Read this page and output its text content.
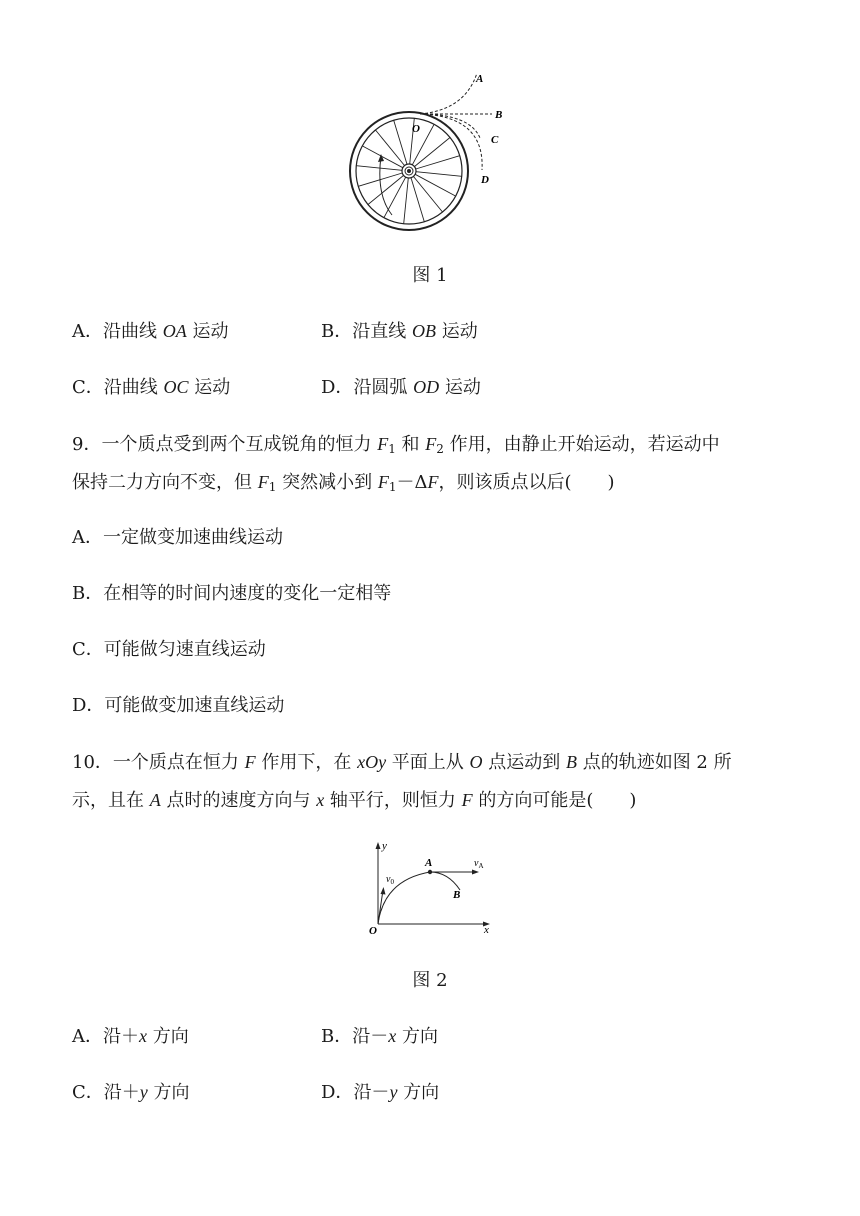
A
B
C
D
O
图 1
A．沿曲线 OA 运动	B．沿直线 OB 运动
C．沿曲线 OC 运动	D．沿圆弧 OD 运动
9．一个质点受到两个互成锐角的恒力 $F_1$ 和 $F_2$ 作用，由静止开始运动，若运动中
保持二力方向不变，但 $F_1$ 突然减小到 $F_1-\Delta F$，则该质点以后(　　)
A．一定做变加速曲线运动
B．在相等的时间内速度的变化一定相等
C．可能做匀速直线运动
D．可能做变加速直线运动
10．一个质点在恒力 F 作用下，在 xOy 平面上从 O 点运动到 B 点的轨迹如图 2 所
示，且在 A 点时的速度方向与 x 轴平行，则恒力 F 的方向可能是(　　)
y
x
O
A
B
$v_0$
$v_A$
图 2
A．沿＋x 方向	B．沿－x 方向
C．沿＋y 方向	D．沿－y 方向
